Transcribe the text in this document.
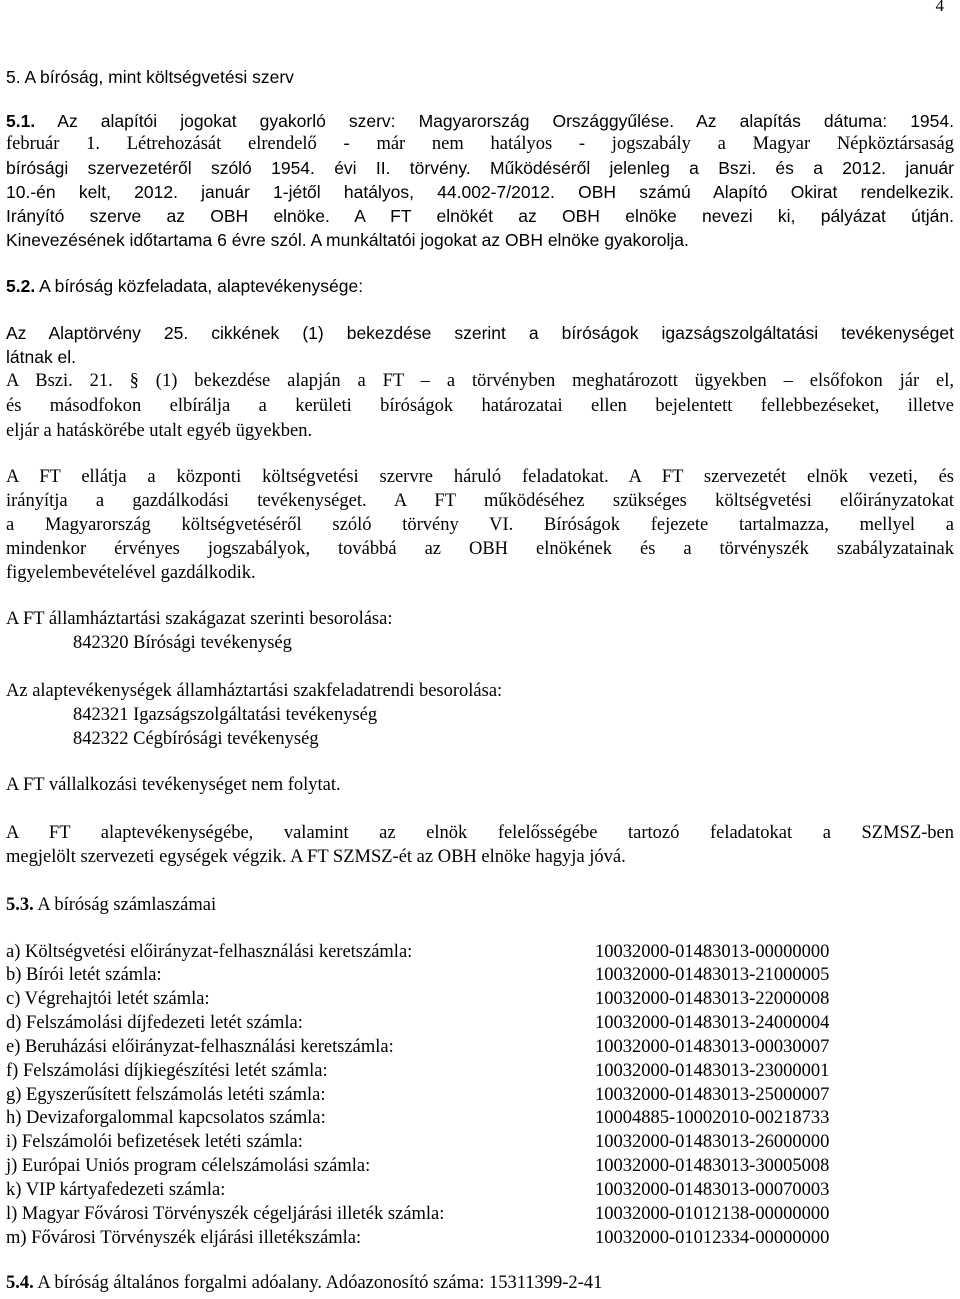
4
5. A bíróság, mint költségvetési szerv
5.1. Az alapítói jogokat gyakorló szerv: Magyarország Országgyűlése. Az alapítás dátuma: 1954.
február 1. Létrehozását elrendelő - már nem hatályos - jogszabály a Magyar Népköztársaság
bírósági szervezetéről szóló 1954. évi II. törvény. Működéséről jelenleg a Bszi. és a 2012. január
10.-én kelt, 2012. január 1-jétől hatályos, 44.002-7/2012. OBH számú Alapító Okirat rendelkezik.
Irányító szerve az OBH elnöke. A FT elnökét az OBH elnöke nevezi ki, pályázat útján.
Kinevezésének időtartama 6 évre szól. A munkáltatói jogokat az OBH elnöke gyakorolja.
5.2. A bíróság közfeladata, alaptevékenysége:
Az Alaptörvény 25. cikkének (1) bekezdése szerint a bíróságok igazságszolgáltatási tevékenységet
látnak el.
A Bszi. 21. § (1) bekezdése alapján a FT – a törvényben meghatározott ügyekben – elsőfokon jár el,
és másodfokon elbírálja a kerületi bíróságok határozatai ellen bejelentett fellebbezéseket, illetve
eljár a hatáskörébe utalt egyéb ügyekben.
A FT ellátja a központi költségvetési szervre háruló feladatokat. A FT szervezetét elnök vezeti, és
irányítja a gazdálkodási tevékenységet. A FT működéséhez szükséges költségvetési előirányzatokat
a Magyarország költségvetéséről szóló törvény VI. Bíróságok fejezete tartalmazza, mellyel a
mindenkor érvényes jogszabályok, továbbá az OBH elnökének és a törvényszék szabályzatainak
figyelembevételével gazdálkodik.
A FT államháztartási szakágazat szerinti besorolása:
842320 Bírósági tevékenység
Az alaptevékenységek államháztartási szakfeladatrendi besorolása:
842321 Igazságszolgáltatási tevékenység
842322 Cégbírósági tevékenység
A FT vállalkozási tevékenységet nem folytat.
A FT alaptevékenységébe, valamint az elnök felelősségébe tartozó feladatokat a SZMSZ-ben
megjelölt szervezeti egységek végzik. A FT SZMSZ-ét az OBH elnöke hagyja jóvá.
5.3. A bíróság számlaszámai
a) Költségvetési előirányzat-felhasználási keretszámla:	10032000-01483013-00000000
b) Bírói letét számla:	10032000-01483013-21000005
c) Végrehajtói letét számla:	10032000-01483013-22000008
d) Felszámolási díjfedezeti letét számla:	10032000-01483013-24000004
e) Beruházási előirányzat-felhasználási keretszámla:	10032000-01483013-00030007
f) Felszámolási díjkiegészítési letét számla:	10032000-01483013-23000001
g) Egyszerűsített felszámolás letéti számla:	10032000-01483013-25000007
h) Devizaforgalommal kapcsolatos számla:	10004885-10002010-00218733
i) Felszámolói befizetések letéti számla:	10032000-01483013-26000000
j) Európai Uniós program célelszámolási számla:	10032000-01483013-30005008
k) VIP kártyafedezeti számla:	10032000-01483013-00070003
l) Magyar Fővárosi Törvényszék cégeljárási illeték számla:	10032000-01012138-00000000
m) Fővárosi Törvényszék eljárási illetékszámla:	10032000-01012334-00000000
5.4. A bíróság általános forgalmi adóalany. Adóazonosító száma: 15311399-2-41
